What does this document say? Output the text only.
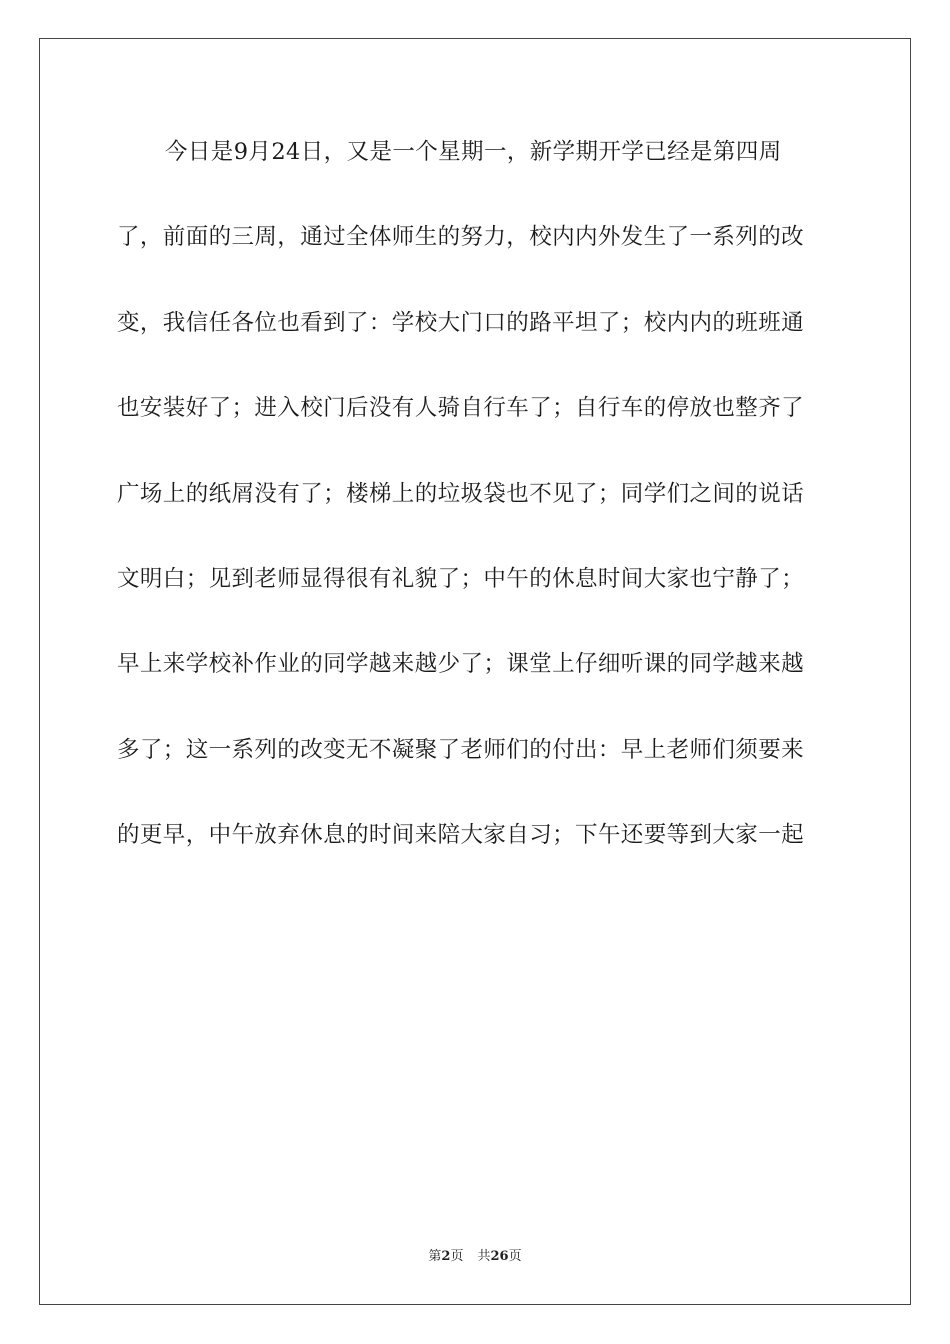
今日是9月24日，又是一个星期一，新学期开学已经是第四周
了，前面的三周，通过全体师生的努力，校内内外发生了一系列的改
变，我信任各位也看到了：学校大门口的路平坦了；校内内的班班通
也安装好了；进入校门后没有人骑自行车了；自行车的停放也整齐了
广场上的纸屑没有了；楼梯上的垃圾袋也不见了；同学们之间的说话
文明白；见到老师显得很有礼貌了；中午的休息时间大家也宁静了；
早上来学校补作业的同学越来越少了；课堂上仔细听课的同学越来越
多了；这一系列的改变无不凝聚了老师们的付出：早上老师们须要来
的更早，中午放弃休息的时间来陪大家自习；下午还要等到大家一起
第2页 共26页
